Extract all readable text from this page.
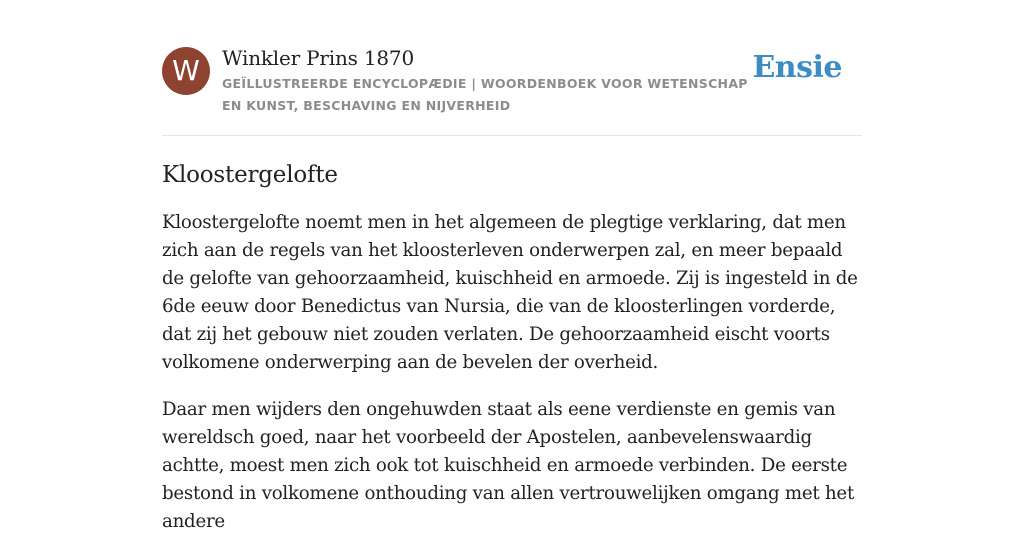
W	Winkler Prins 1870
GEÏLLUSTREERDE ENCYCLOPÆDIE | WOORDENBOEK VOOR WETENSCHAP EN KUNST, BESCHAVING EN NIJVERHEID
Ensie
Kloostergelofte

Kloostergelofte noemt men in het algemeen de plegtige verklaring, dat men zich aan de regels van het kloosterleven onderwerpen zal, en meer bepaald de gelofte van gehoorzaamheid, kuischheid en armoede. Zij is ingesteld in de 6de eeuw door Benedictus van Nursia, die van de kloosterlingen vorderde, dat zij het gebouw niet zouden verlaten. De gehoorzaamheid eischt voorts volkomene onderwerping aan de bevelen der overheid.

Daar men wijders den ongehuwden staat als eene verdienste en gemis van wereldsch goed, naar het voorbeeld der Apostelen, aanbevelenswaardig achtte, moest men zich ook tot kuischheid en armoede verbinden. De eerste bestond in volkomene onthouding van allen vertrouwelijken omgang met het andere
